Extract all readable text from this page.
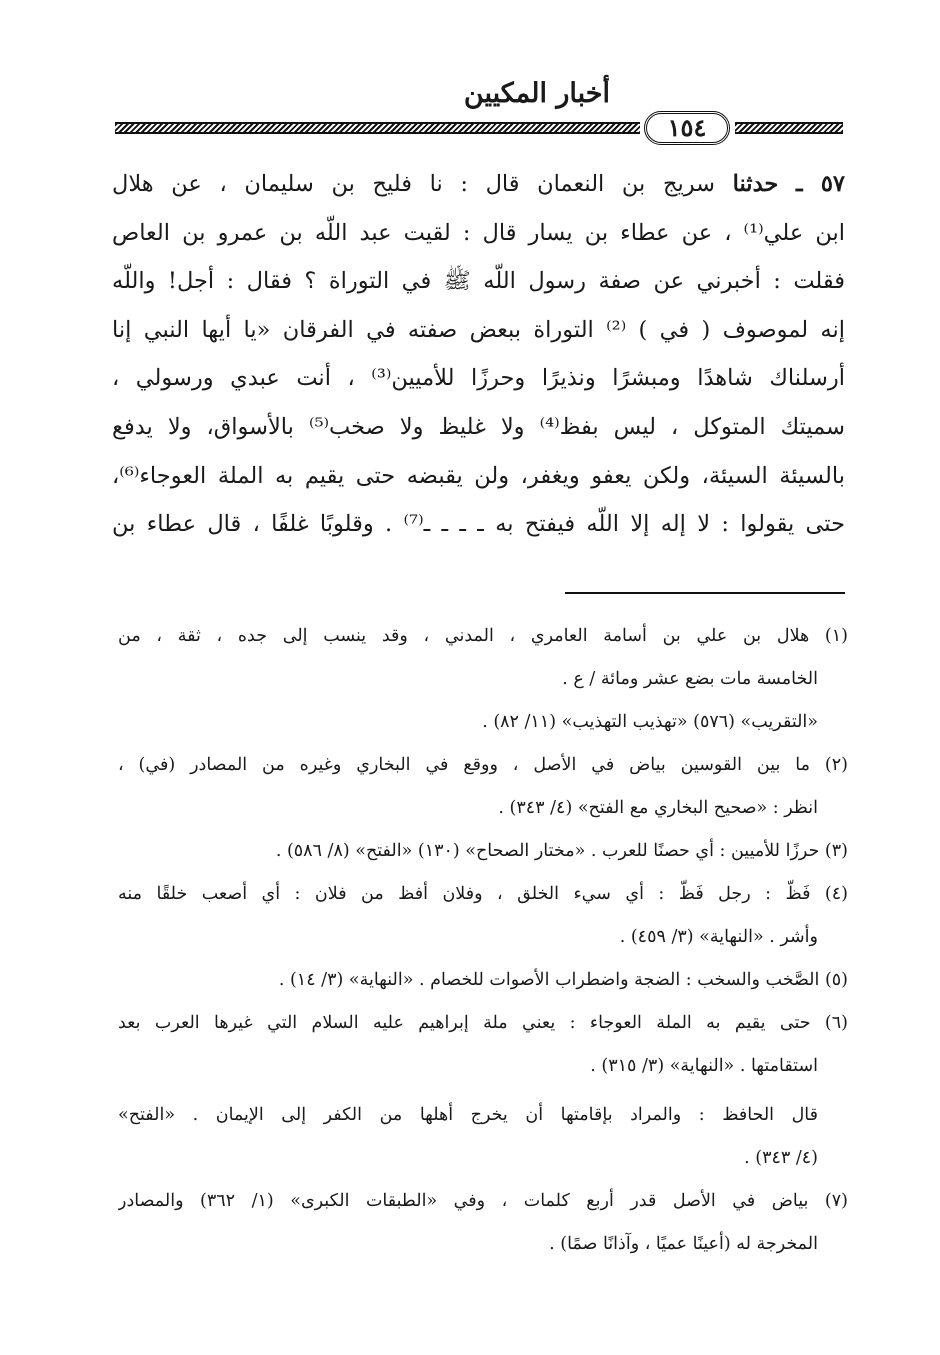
أخبار المكيين
١٥٤
٥٧ ـ حدثنا سريج بن النعمان قال : نا فليح بن سليمان ، عن هلال
ابن علي⁽¹⁾ ، عن عطاء بن يسار قال : لقيت عبد اللّه بن عمرو بن العاص
فقلت : أخبرني عن صفة رسول اللّه ﷺ في التوراة ؟ فقال : أجل! واللّه
إنه لموصوف ( في ) ⁽²⁾ التوراة ببعض صفته في الفرقان «يا أيها النبي إنا
أرسلناك شاهدًا ومبشرًا ونذيرًا وحرزًا للأميين⁽³⁾ ، أنت عبدي ورسولي ،
سميتك المتوكل ، ليس بفظ⁽⁴⁾ ولا غليظ ولا صخب⁽⁵⁾ بالأسواق، ولا يدفع
بالسيئة السيئة، ولكن يعفو ويغفر، ولن يقبضه حتى يقيم به الملة العوجاء⁽⁶⁾،
حتى يقولوا : لا إله إلا اللّه فيفتح به ـ ـ ـ ـ⁽⁷⁾ . وقلوبًا غلفًا ، قال عطاء بن
(١) هلال بن علي بن أسامة العامري ، المدني ، وقد ينسب إلى جده ، ثقة ، من
الخامسة مات بضع عشر ومائة / ع .
«التقريب» (٥٧٦) «تهذيب التهذيب» (١١/ ٨٢) .
(٢) ما بين القوسين بياض في الأصل ، ووقع في البخاري وغيره من المصادر (في) ،
انظر : «صحيح البخاري مع الفتح» (٤/ ٣٤٣) .
(٣) حرزًا للأميين : أي حصنًا للعرب . «مختار الصحاح» (١٣٠) «الفتح» (٨/ ٥٨٦) .
(٤) فَظّ : رجل فَظّ : أي سيء الخلق ، وفلان أفظ من فلان : أي أصعب خلقًا منه
وأشر . «النهاية» (٣/ ٤٥٩) .
(٥) الصَّخب والسخب : الضجة واضطراب الأصوات للخصام . «النهاية» (٣/ ١٤) .
(٦) حتى يقيم به الملة العوجاء : يعني ملة إبراهيم عليه السلام التي غيرها العرب بعد
استقامتها . «النهاية» (٣/ ٣١٥) .
قال الحافظ : والمراد بإقامتها أن يخرج أهلها من الكفر إلى الإيمان . «الفتح»
(٤/ ٣٤٣) .
(٧) بياض في الأصل قدر أربع كلمات ، وفي «الطبقات الكبرى» (١/ ٣٦٢) والمصادر
المخرجة له (أعينًا عميًا ، وآذانًا صمًا) .
